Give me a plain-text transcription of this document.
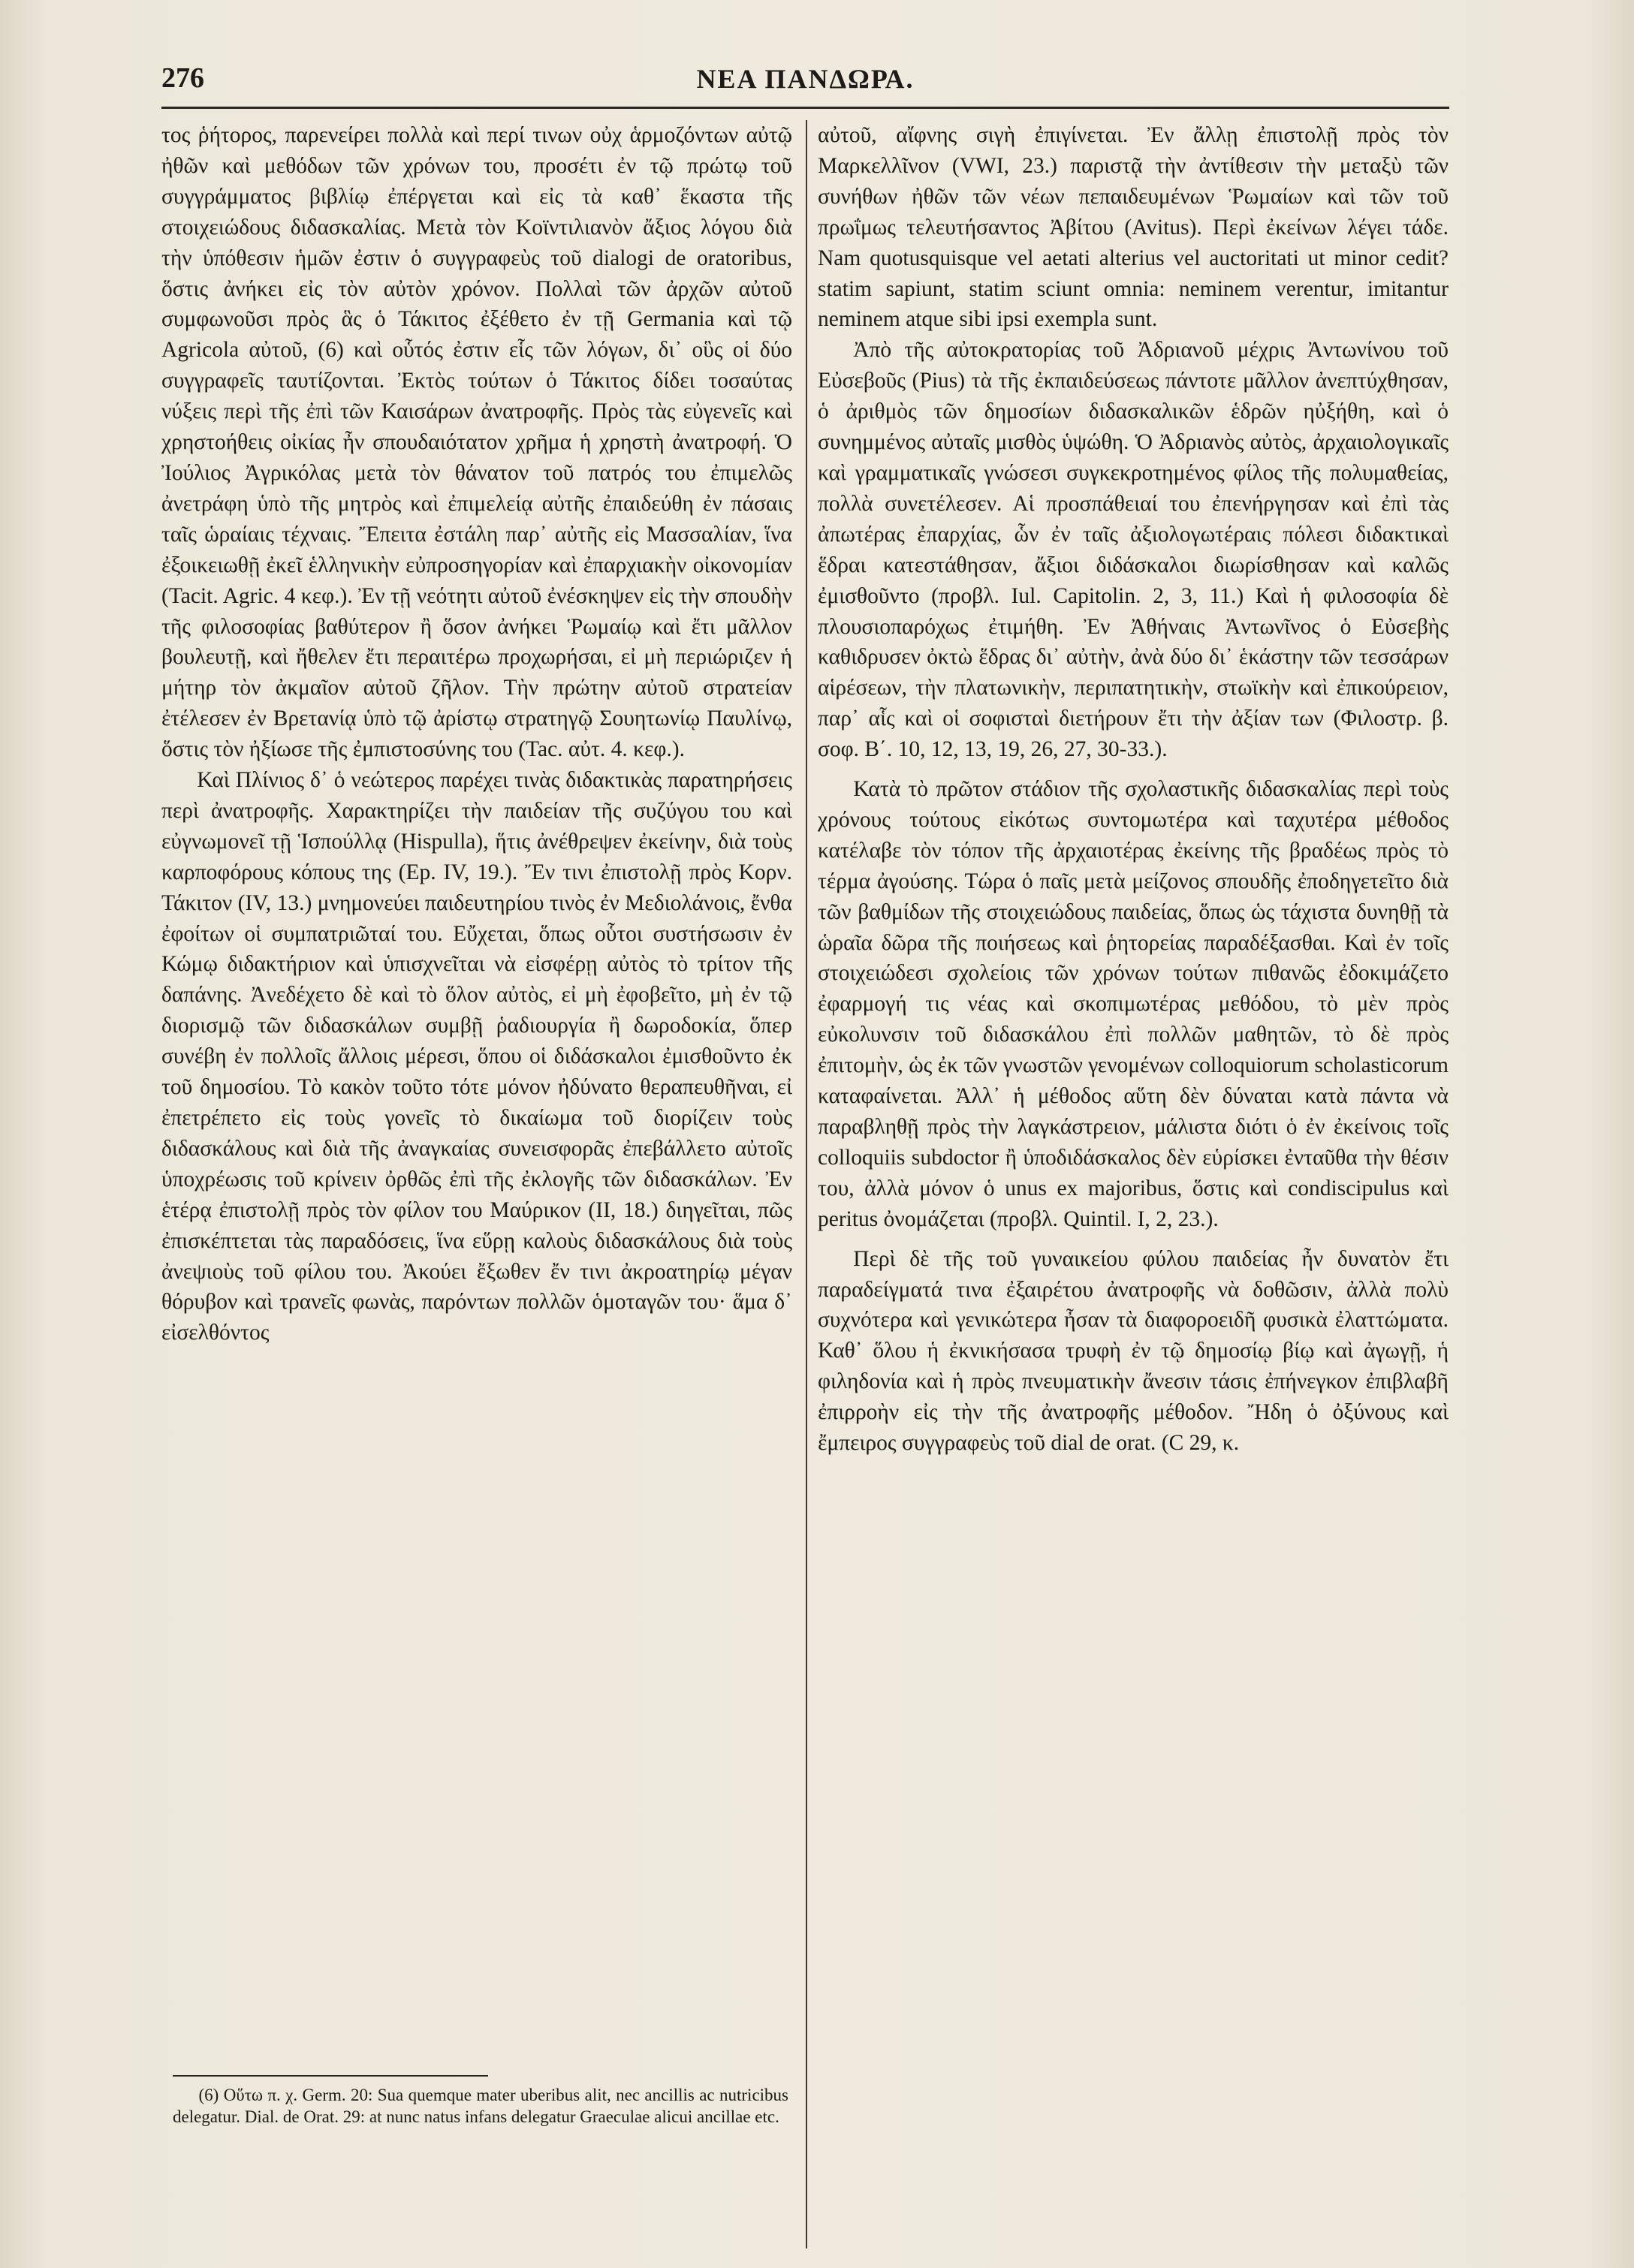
276	ΝΕΑ ΠΑΝΔΩΡΑ.

τος ῥήτορος, παρενείρει πολλὰ καὶ περί τινων οὐχ ἁρμοζόντων αὐτῷ ἠθῶν καὶ μεθόδων τῶν χρόνων του, προσέτι ἐν τῷ πρώτῳ τοῦ συγγράμματος βιβλίῳ ἐπέργεται καὶ εἰς τὰ καθ᾿ ἕκαστα τῆς στοιχειώδους διδασκαλίας. Μετὰ τὸν Κοϊντιλιανὸν ἄξιος λόγου διὰ τὴν ὑπόθεσιν ἡμῶν ἐστιν ὁ συγγραφεὺς τοῦ dialogi de oratoribus, ὅστις ἀνήκει εἰς τὸν αὐτὸν χρόνον. Πολλαὶ τῶν ἀρχῶν αὐτοῦ συμφωνοῦσι πρὸς ἃς ὁ Τάκιτος ἐξέθετο ἐν τῇ Germania καὶ τῷ Agricola αὐτοῦ, (6) καὶ οὗτός ἐστιν εἷς τῶν λόγων, δι᾿ οὓς οἱ δύο συγγραφεῖς ταυτίζονται. Ἐκτὸς τούτων ὁ Τάκιτος δίδει τοσαύτας νύξεις περὶ τῆς ἐπὶ τῶν Καισάρων ἀνατροφῆς. Πρὸς τὰς εὐγενεῖς καὶ χρηστοήθεις οἰκίας ἦν σπουδαιότατον χρῆμα ἡ χρηστὴ ἀνατροφή. Ὁ Ἰούλιος Ἀγρικόλας μετὰ τὸν θάνατον τοῦ πατρός του ἐπιμελῶς ἀνετράφη ὑπὸ τῆς μητρὸς καὶ ἐπιμελείᾳ αὐτῆς ἐπαιδεύθη ἐν πάσαις ταῖς ὡραίαις τέχναις. Ἔπειτα ἐστάλη παρ᾿ αὐτῆς εἰς Μασσαλίαν, ἵνα ἐξοικειωθῇ ἐκεῖ ἑλληνικὴν εὐπροσηγορίαν καὶ ἐπαρχιακὴν οἰκονομίαν (Tacit. Agric. 4 κεφ.). Ἐν τῇ νεότητι αὐτοῦ ἐνέσκηψεν εἰς τὴν σπουδὴν τῆς φιλοσοφίας βαθύτερον ἢ ὅσον ἀνήκει Ῥωμαίῳ καὶ ἔτι μᾶλλον βουλευτῇ, καὶ ἤθελεν ἔτι περαιτέρω προχωρήσαι, εἰ μὴ περιώριζεν ἡ μήτηρ τὸν ἀκμαῖον αὐτοῦ ζῆλον. Τὴν πρώτην αὐτοῦ στρατείαν ἐτέλεσεν ἐν Βρετανίᾳ ὑπὸ τῷ ἀρίστῳ στρατηγῷ Σουητωνίῳ Παυλίνῳ, ὅστις τὸν ἠξίωσε τῆς ἐμπιστοσύνης του (Tac. αὐτ. 4. κεφ.).

Καὶ Πλίνιος δ᾿ ὁ νεώτερος παρέχει τινὰς διδακτικὰς παρατηρήσεις περὶ ἀνατροφῆς. Χαρακτηρίζει τὴν παιδείαν τῆς συζύγου του καὶ εὐγνωμονεῖ τῇ Ἱσπούλλᾳ (Hispulla), ἥτις ἀνέθρεψεν ἐκείνην, διὰ τοὺς καρποφόρους κόπους της (Ep. IV, 19.). Ἔν τινι ἐπιστολῇ πρὸς Κορν. Τάκιτον (IV, 13.) μνημονεύει παιδευτηρίου τινὸς ἐν Μεδιολάνοις, ἔνθα ἐφοίτων οἱ συμπατριῶταί του. Εὔχεται, ὅπως οὗτοι συστήσωσιν ἐν Κώμῳ διδακτήριον καὶ ὑπισχνεῖται νὰ εἰσφέρῃ αὐτὸς τὸ τρίτον τῆς δαπάνης. Ἀνεδέχετο δὲ καὶ τὸ ὅλον αὐτὸς, εἰ μὴ ἐφοβεῖτο, μὴ ἐν τῷ διορισμῷ τῶν διδασκάλων συμβῇ ῥαδιουργία ἢ δωροδοκία, ὅπερ συνέβη ἐν πολλοῖς ἄλλοις μέρεσι, ὅπου οἱ διδάσκαλοι ἐμισθοῦντο ἐκ τοῦ δημοσίου. Τὸ κακὸν τοῦτο τότε μόνον ἠδύνατο θεραπευθῆναι, εἰ ἐπετρέπετο εἰς τοὺς γονεῖς τὸ δικαίωμα τοῦ διορίζειν τοὺς διδασκάλους καὶ διὰ τῆς ἀναγκαίας συνεισφορᾶς ἐπεβάλλετο αὐτοῖς ὑποχρέωσις τοῦ κρίνειν ὀρθῶς ἐπὶ τῆς ἐκλογῆς τῶν διδασκάλων. Ἐν ἑτέρᾳ ἐπιστολῇ πρὸς τὸν φίλον του Μαύρικον (II, 18.) διηγεῖται, πῶς ἐπισκέπτεται τὰς παραδόσεις, ἵνα εὕρῃ καλοὺς διδασκάλους διὰ τοὺς ἀνεψιοὺς τοῦ φίλου του. Ἀκούει ἔξωθεν ἔν τινι ἀκροατηρίῳ μέγαν θόρυβον καὶ τρανεῖς φωνὰς, παρόντων πολλῶν ὁμοταγῶν του· ἅμα δ᾿ εἰσελθόντος

αὐτοῦ, αἴφνης σιγὴ ἐπιγίνεται. Ἐν ἄλλῃ ἐπιστολῇ πρὸς τὸν Μαρκελλῖνον (VWI, 23.) παριστᾷ τὴν ἀντίθεσιν τὴν μεταξὺ τῶν συνήθων ἠθῶν τῶν νέων πεπαιδευμένων Ῥωμαίων καὶ τῶν τοῦ πρωΐμως τελευτήσαντος Ἀβίτου (Avitus). Περὶ ἐκείνων λέγει τάδε. Nam quotusquisque vel aetati alterius vel auctoritati ut minor cedit? statim sapiunt, statim sciunt omnia: neminem verentur, imitantur neminem atque sibi ipsi exempla sunt.

Ἀπὸ τῆς αὐτοκρατορίας τοῦ Ἀδριανοῦ μέχρις Ἀντωνίνου τοῦ Εὐσεβοῦς (Pius) τὰ τῆς ἐκπαιδεύσεως πάντοτε μᾶλλον ἀνεπτύχθησαν, ὁ ἀριθμὸς τῶν δημοσίων διδασκαλικῶν ἑδρῶν ηὐξήθη, καὶ ὁ συνημμένος αὐταῖς μισθὸς ὑψώθη. Ὁ Ἀδριανὸς αὐτὸς, ἀρχαιολογικαῖς καὶ γραμματικαῖς γνώσεσι συγκεκροτημένος φίλος τῆς πολυμαθείας, πολλὰ συνετέλεσεν. Αἱ προσπάθειαί του ἐπενήργησαν καὶ ἐπὶ τὰς ἀπωτέρας ἐπαρχίας, ὧν ἐν ταῖς ἀξιολογωτέραις πόλεσι διδακτικαὶ ἕδραι κατεστάθησαν, ἄξιοι διδάσκαλοι διωρίσθησαν καὶ καλῶς ἐμισθοῦντο (προβλ. Iul. Capitolin. 2, 3, 11.) Καὶ ἡ φιλοσοφία δὲ πλουσιοπαρόχως ἐτιμήθη. Ἐν Ἀθήναις Ἀντωνῖνος ὁ Εὐσεβὴς καθιδρυσεν ὀκτὼ ἕδρας δι᾿ αὐτὴν, ἀνὰ δύο δι᾿ ἑκάστην τῶν τεσσάρων αἱρέσεων, τὴν πλατωνικὴν, περιπατητικὴν, στωϊκὴν καὶ ἐπικούρειον, παρ᾿ αἷς καὶ οἱ σοφισταὶ διετήρουν ἔτι τὴν ἀξίαν των (Φιλοστρ. β. σοφ. Β΄. 10, 12, 13, 19, 26, 27, 30-33.).

Κατὰ τὸ πρῶτον στάδιον τῆς σχολαστικῆς διδασκαλίας περὶ τοὺς χρόνους τούτους εἰκότως συντομωτέρα καὶ ταχυτέρα μέθοδος κατέλαβε τὸν τόπον τῆς ἀρχαιοτέρας ἐκείνης τῆς βραδέως πρὸς τὸ τέρμα ἀγούσης. Τώρα ὁ παῖς μετὰ μείζονος σπουδῆς ἐποδηγετεῖτο διὰ τῶν βαθμίδων τῆς στοιχειώδους παιδείας, ὅπως ὡς τάχιστα δυνηθῇ τὰ ὡραῖα δῶρα τῆς ποιήσεως καὶ ῥητορείας παραδέξασθαι. Καὶ ἐν τοῖς στοιχειώδεσι σχολείοις τῶν χρόνων τούτων πιθανῶς ἐδοκιμάζετο ἐφαρμογή τις νέας καὶ σκοπιμωτέρας μεθόδου, τὸ μὲν πρὸς εὐκολυνσιν τοῦ διδασκάλου ἐπὶ πολλῶν μαθητῶν, τὸ δὲ πρὸς ἐπιτομὴν, ὡς ἐκ τῶν γνωστῶν γενομένων colloquiorum scholasticorum καταφαίνεται. Ἀλλ᾿ ἡ μέθοδος αὕτη δὲν δύναται κατὰ πάντα νὰ παραβληθῇ πρὸς τὴν λαγκάστρειον, μάλιστα διότι ὁ ἐν ἐκείνοις τοῖς colloquiis subdoctor ἢ ὑποδιδάσκαλος δὲν εὑρίσκει ἐνταῦθα τὴν θέσιν του, ἀλλὰ μόνον ὁ unus ex majoribus, ὅστις καὶ condiscipulus καὶ peritus ὀνομάζεται (προβλ. Quintil. I, 2, 23.).

Περὶ δὲ τῆς τοῦ γυναικείου φύλου παιδείας ἦν δυνατὸν ἔτι παραδείγματά τινα ἐξαιρέτου ἀνατροφῆς νὰ δοθῶσιν, ἀλλὰ πολὺ συχνότερα καὶ γενικώτερα ἦσαν τὰ διαφοροειδῆ φυσικὰ ἐλαττώματα. Καθ᾿ ὅλου ἡ ἐκνικήσασα τρυφὴ ἐν τῷ δημοσίῳ βίῳ καὶ ἀγωγῇ, ἡ φιληδονία καὶ ἡ πρὸς πνευματικὴν ἄνεσιν τάσις ἐπήνεγκον ἐπιβλαβῆ ἐπιρροὴν εἰς τὴν τῆς ἀνατροφῆς μέθοδον. Ἤδη ὁ ὀξύνους καὶ ἔμπειρος συγγραφεὺς τοῦ dial de orat. (C 29, κ.

(6) Οὕτω π. χ. Germ. 20: Sua quemque mater uberibus alit, nec ancillis ac nutricibus delegatur. Dial. de Orat. 29: at nunc natus infans delegatur Graeculae alicui ancillae etc.
